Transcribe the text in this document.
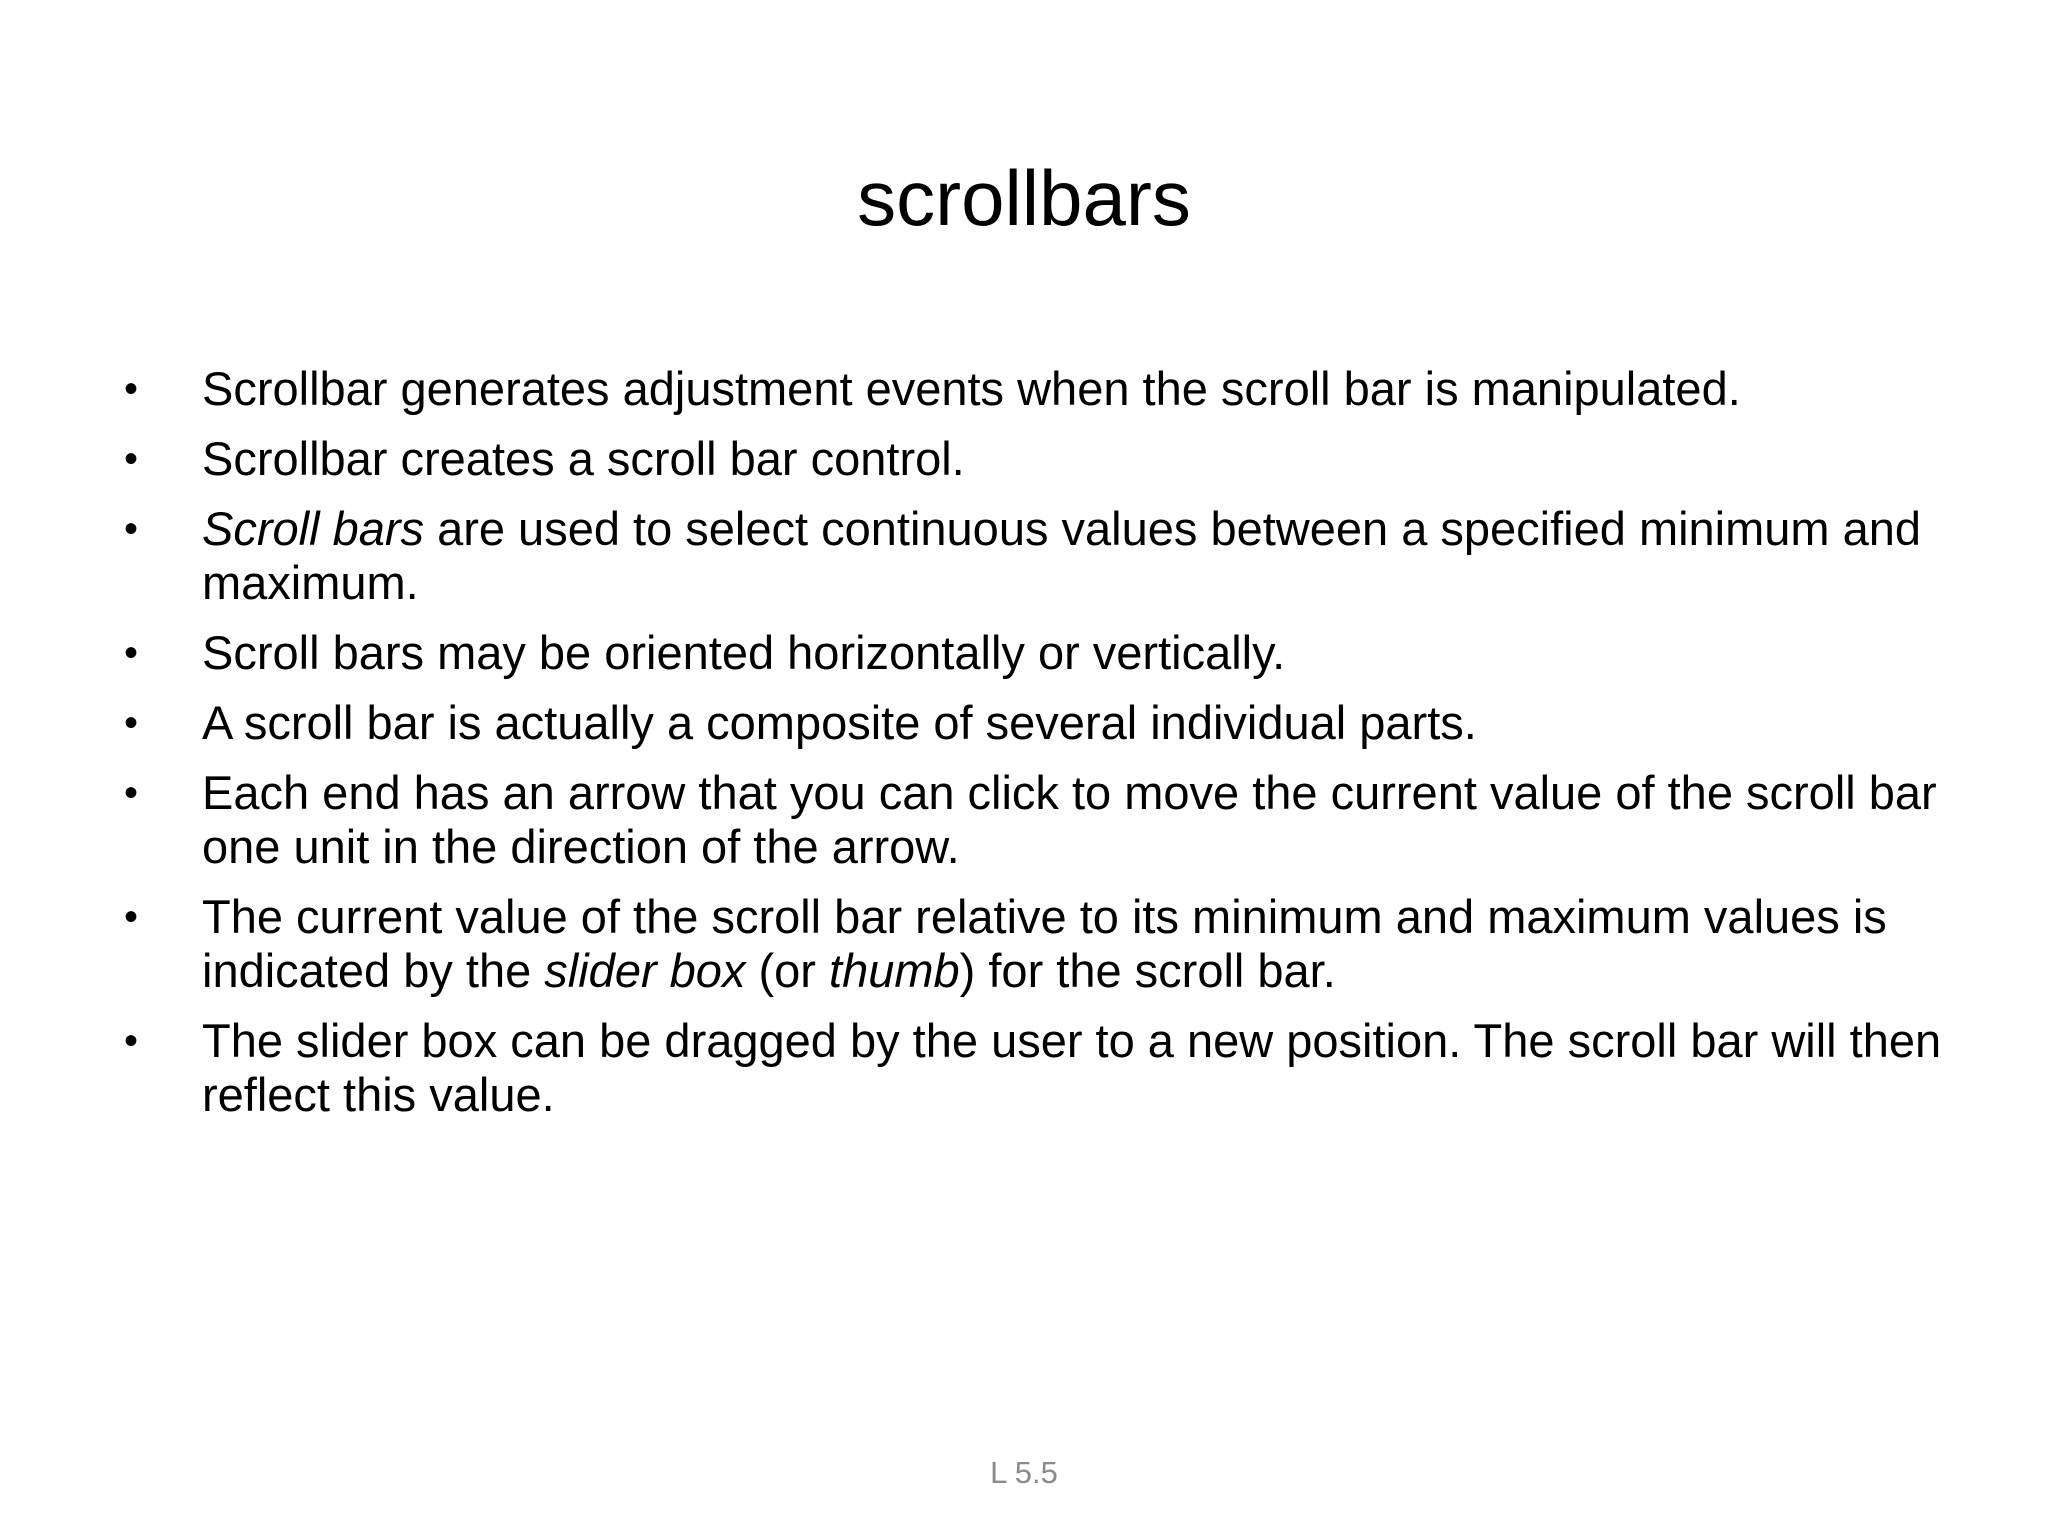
scrollbars
• Scrollbar generates adjustment events when the scroll bar is manipulated.
• Scrollbar creates a scroll bar control.
• Scroll bars are used to select continuous values between a specified minimum and maximum.
• Scroll bars may be oriented horizontally or vertically.
• A scroll bar is actually a composite of several individual parts.
• Each end has an arrow that you can click to move the current value of the scroll bar one unit in the direction of the arrow.
• The current value of the scroll bar relative to its minimum and maximum values is indicated by the slider box (or thumb) for the scroll bar.
• The slider box can be dragged by the user to a new position. The scroll bar will then reflect this value.
L 5.5
